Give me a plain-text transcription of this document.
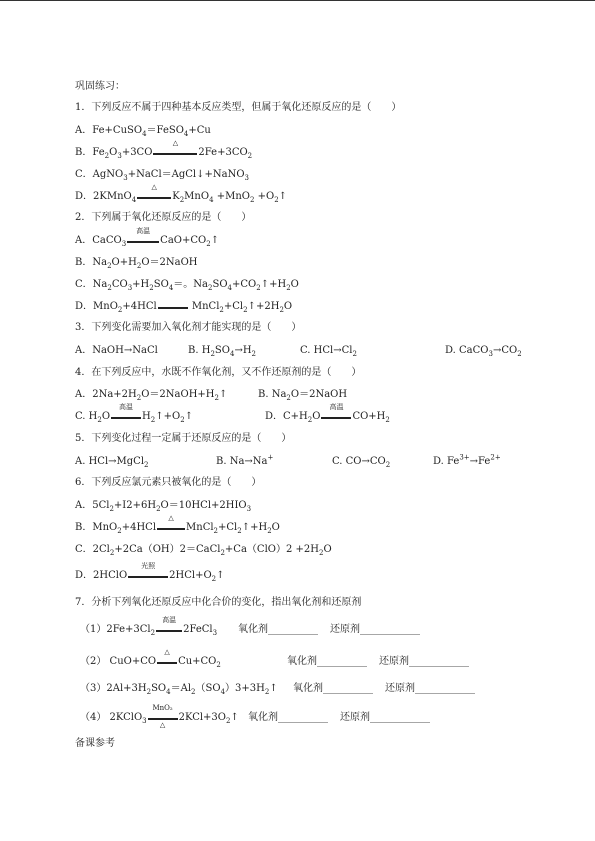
巩固练习：
1．下列反应不属于四种基本反应类型，但属于氧化还原反应的是（　　）
A．Fe+CuSO$_4$＝FeSO$_4$+Cu
B．$Fe_2O_3+3CO$
△
$2Fe+3CO_2$
C．AgNO$_3$+NaCl＝AgCl↓+NaNO$_3$
D．2KMnO$_4$
△
$K_2MnO_4 +MnO_2$ $+O_2↑$
2．下列属于氧化还原反应的是（　　）
A．CaCO$_3$
高温
$CaO+CO_2↑$
B．$Na_2O+H_2O=2NaOH$
C．$Na_2CO_3+H_2SO_4=$。$Na_2SO_4+CO_2↑+H_2O$
D．MnO$_2$+4HCl	$MnCl_2+Cl_2↑+2H_2O$
3．下列变化需要加入氧化剂才能实现的是（　　）
A．NaOH→NaCl	B. $H_2SO_4\to H_2$	C. $HCl\to Cl_2$	D. $CaCO_3\to CO_2$
4．在下列反应中，水既不作氧化剂，又不作还原剂的是（　　）
A．$2Na+2H_2O=2NaOH+H_2↑$	B. $Na_2O=2NaOH$
C. $H_2O$
高温
$H_2↑+O_2↑$	D．$C+H_2O$
高温
$CO+H_2$
5．下列变化过程一定属于还原反应的是（　　）
A. HCl→MgCl$_2$	B. Na→Na+	C. $CO\to CO_2$	D. $Fe^{3+}\to Fe^{2+}$
6．下列反应氯元素只被氧化的是（　　）
A．$5Cl_2+I2+6H_2O=10HCl+2HIO_3$
B．MnO$_2$+4HCl
△
$MnCl_2+Cl_2↑+H_2O$
C．$2Cl_2+2Ca(OH)2=CaCl_2+Ca(ClO)2 +2H_2O$
D．2HClO
光照
$2HCl+O_2↑$
7．分析下列氧化还原反应中化合价的变化，指出氧化剂和还原剂
$(1)2Fe+3Cl_2$
高温
2FeCl$_3$ 氧化剂__________ 还原剂____________
（2） CuO+CO
△
$Cu+CO_2$	氧化剂__________ 还原剂____________
$(3)2Al+3H_2SO_4=Al_2(SO_4)3+3H_2↑$ 氧化剂__________ 还原剂____________
（4） 2KClO$_3$
MnO₂
△
$2KCl+3O_2↑$ 氧化剂__________ 还原剂____________
备课参考
